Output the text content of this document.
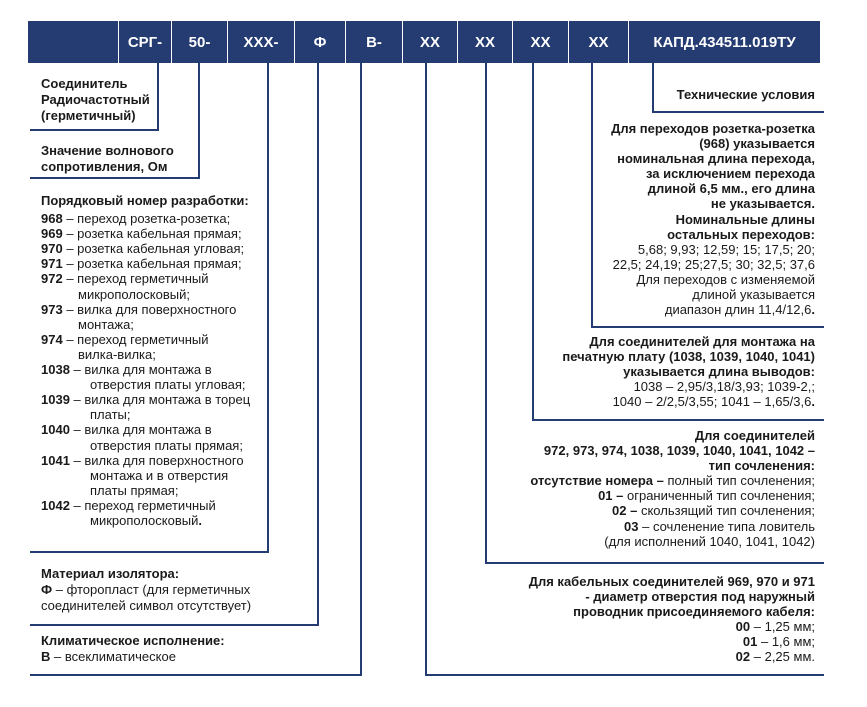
СРГ-	50-	ХХХ-	Ф	В-	ХХ	ХХ	ХХ	ХХ	КАПД.434511.019ТУ
Соединитель
Радиочастотный
(герметичный)
Значение волнового
сопротивления, Ом
Порядковый номер разработки:
968 – переход розетка-розетка;
969 – розетка кабельная прямая;
970 – розетка кабельная угловая;
971 – розетка кабельная прямая;
972 – переход герметичный
микрополосковый;
973 – вилка для поверхностного
монтажа;
974 – переход герметичный
вилка-вилка;
1038 – вилка для монтажа в
отверстия платы угловая;
1039 – вилка для монтажа в торец
платы;
1040 – вилка для монтажа в
отверстия платы прямая;
1041 – вилка для поверхностного
монтажа и в отверстия
платы прямая;
1042 – переход герметичный
микрополосковый.
Материал изолятора:
Ф – фторопласт (для герметичных
соединителей символ отсутствует)
Климатическое исполнение:
В – всеклиматическое
Технические условия
Для переходов розетка-розетка
(968) указывается
номинальная длина перехода,
за исключением перехода
длиной 6,5 мм., его длина
не указывается.
Номинальные длины
остальных переходов:
5,68; 9,93; 12,59; 15; 17,5; 20;
22,5; 24,19; 25;27,5; 30; 32,5; 37,6
Для переходов с изменяемой
длиной указывается
диапазон длин 11,4/12,6.
Для соединителей для монтажа на
печатную плату (1038, 1039, 1040, 1041)
указывается длина выводов:
1038 – 2,95/3,18/3,93; 1039-2,;
1040 – 2/2,5/3,55; 1041 – 1,65/3,6.
Для соединителей
972, 973, 974, 1038, 1039, 1040, 1041, 1042 –
тип сочленения:
отсутствие номера – полный тип сочленения;
01 – ограниченный тип сочленения;
02 – скользящий тип сочленения;
03 – сочленение типа ловитель
(для исполнений 1040, 1041, 1042)
Для кабельных соединителей 969, 970 и 971
- диаметр отверстия под наружный
проводник присоединяемого кабеля:
00 – 1,25 мм;
01 – 1,6 мм;
02 – 2,25 мм.
